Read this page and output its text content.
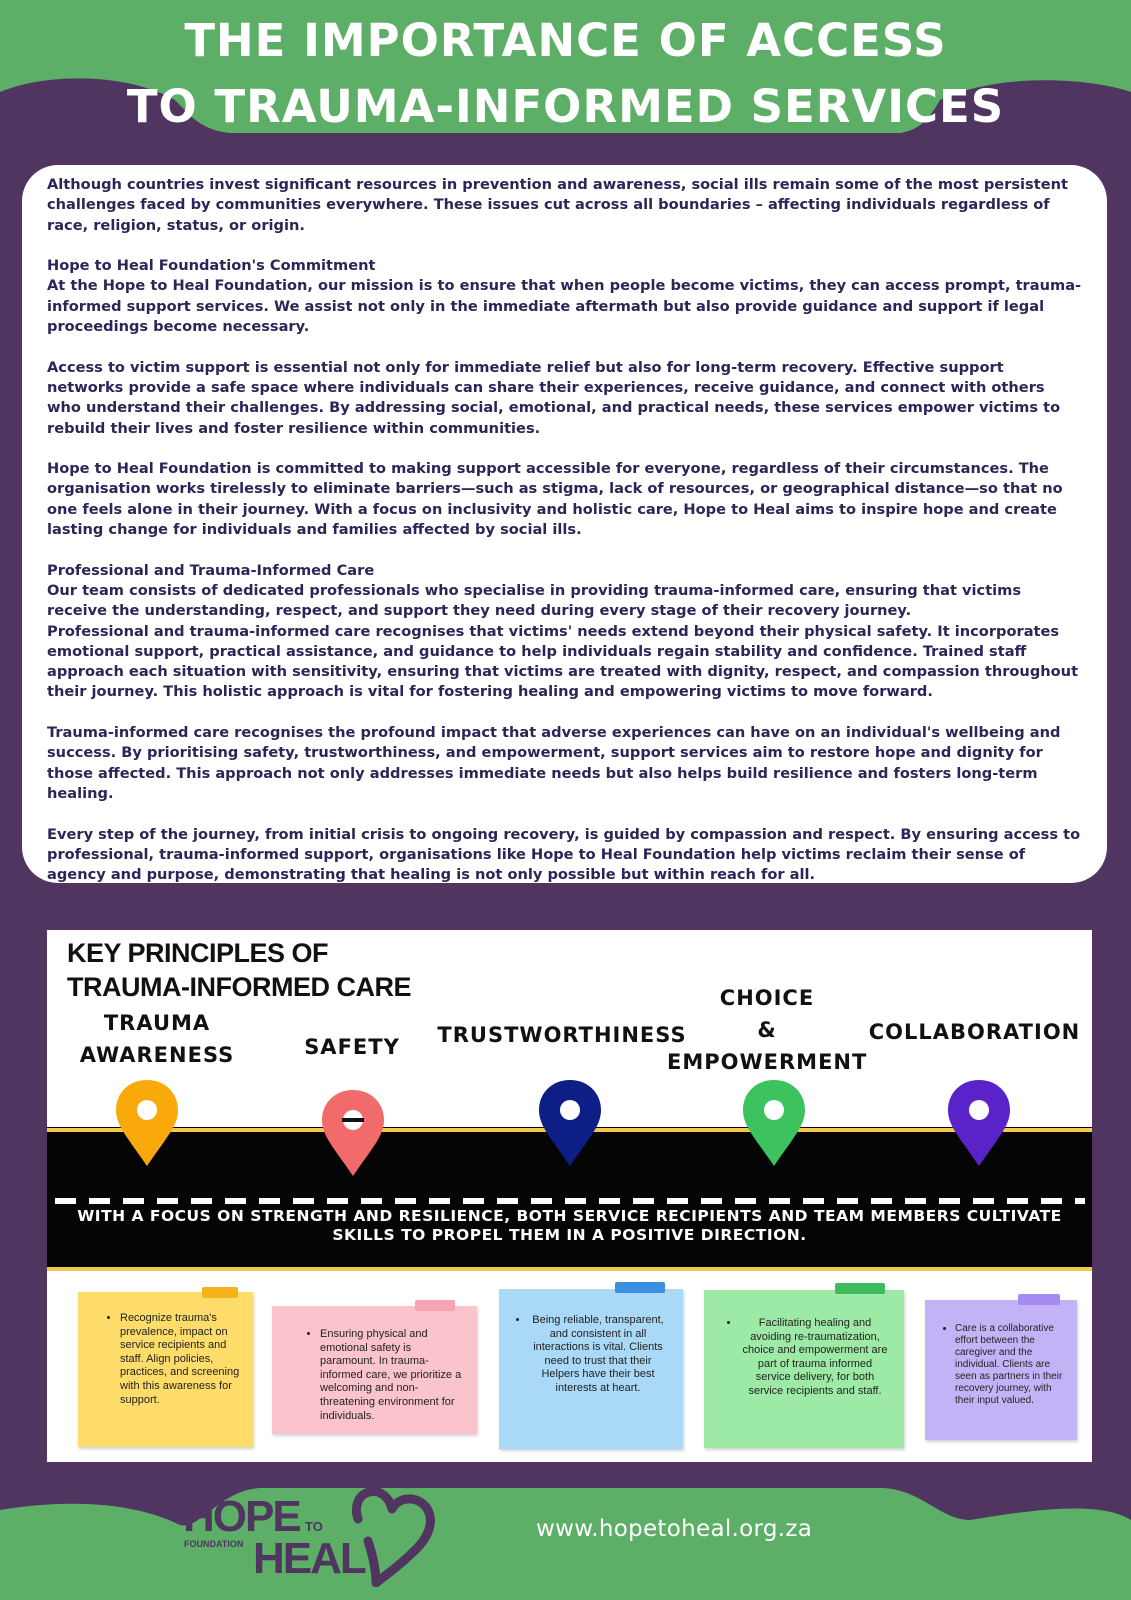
THE IMPORTANCE OF ACCESS
TO TRAUMA-INFORMED SERVICES

Although countries invest significant resources in prevention and awareness, social ills remain some of the most persistent challenges faced by communities everywhere. These issues cut across all boundaries – affecting individuals regardless of race, religion, status, or origin.

Hope to Heal Foundation's Commitment

At the Hope to Heal Foundation, our mission is to ensure that when people become victims, they can access prompt, trauma-informed support services. We assist not only in the immediate aftermath but also provide guidance and support if legal proceedings become necessary.

Access to victim support is essential not only for immediate relief but also for long-term recovery. Effective support networks provide a safe space where individuals can share their experiences, receive guidance, and connect with others who understand their challenges. By addressing social, emotional, and practical needs, these services empower victims to rebuild their lives and foster resilience within communities.

Hope to Heal Foundation is committed to making support accessible for everyone, regardless of their circumstances. The organisation works tirelessly to eliminate barriers—such as stigma, lack of resources, or geographical distance—so that no one feels alone in their journey. With a focus on inclusivity and holistic care, Hope to Heal aims to inspire hope and create lasting change for individuals and families affected by social ills.

Professional and Trauma-Informed Care

Our team consists of dedicated professionals who specialise in providing trauma-informed care, ensuring that victims receive the understanding, respect, and support they need during every stage of their recovery journey.

Professional and trauma-informed care recognises that victims' needs extend beyond their physical safety. It incorporates emotional support, practical assistance, and guidance to help individuals regain stability and confidence. Trained staff approach each situation with sensitivity, ensuring that victims are treated with dignity, respect, and compassion throughout their journey. This holistic approach is vital for fostering healing and empowering victims to move forward.

Trauma-informed care recognises the profound impact that adverse experiences can have on an individual's wellbeing and success. By prioritising safety, trustworthiness, and empowerment, support services aim to restore hope and dignity for those affected. This approach not only addresses immediate needs but also helps build resilience and fosters long-term healing.

Every step of the journey, from initial crisis to ongoing recovery, is guided by compassion and respect. By ensuring access to professional, trauma-informed support, organisations like Hope to Heal Foundation help victims reclaim their sense of agency and purpose, demonstrating that healing is not only possible but within reach for all.

KEY PRINCIPLES OF
TRAUMA-INFORMED CARE
TRAUMA
AWARENESS	SAFETY	TRUSTWORTHINESS
CHOICE
&
EMPOWERMENT
COLLABORATION
WITH A FOCUS ON STRENGTH AND RESILIENCE, BOTH SERVICE RECIPIENTS AND TEAM MEMBERS CULTIVATE
SKILLS TO PROPEL THEM IN A POSITIVE DIRECTION.
• Recognize trauma's prevalence, impact on service recipients and staff. Align policies, practices, and screening with this awareness for support.
• Ensuring physical and emotional safety is paramount. In trauma-informed care, we prioritize a welcoming and non-threatening environment for individuals.
• Being reliable, transparent, and consistent in all interactions is vital. Clients need to trust that their Helpers have their best interests at heart.
• Facilitating healing and avoiding re-traumatization, choice and empowerment are part of trauma informed service delivery, for both service recipients and staff.
• Care is a collaborative effort between the caregiver and the individual. Clients are seen as partners in their recovery journey, with their input valued.
HOPE
FOUNDATION
TO
HEAL
www.hopetoheal.org.za
